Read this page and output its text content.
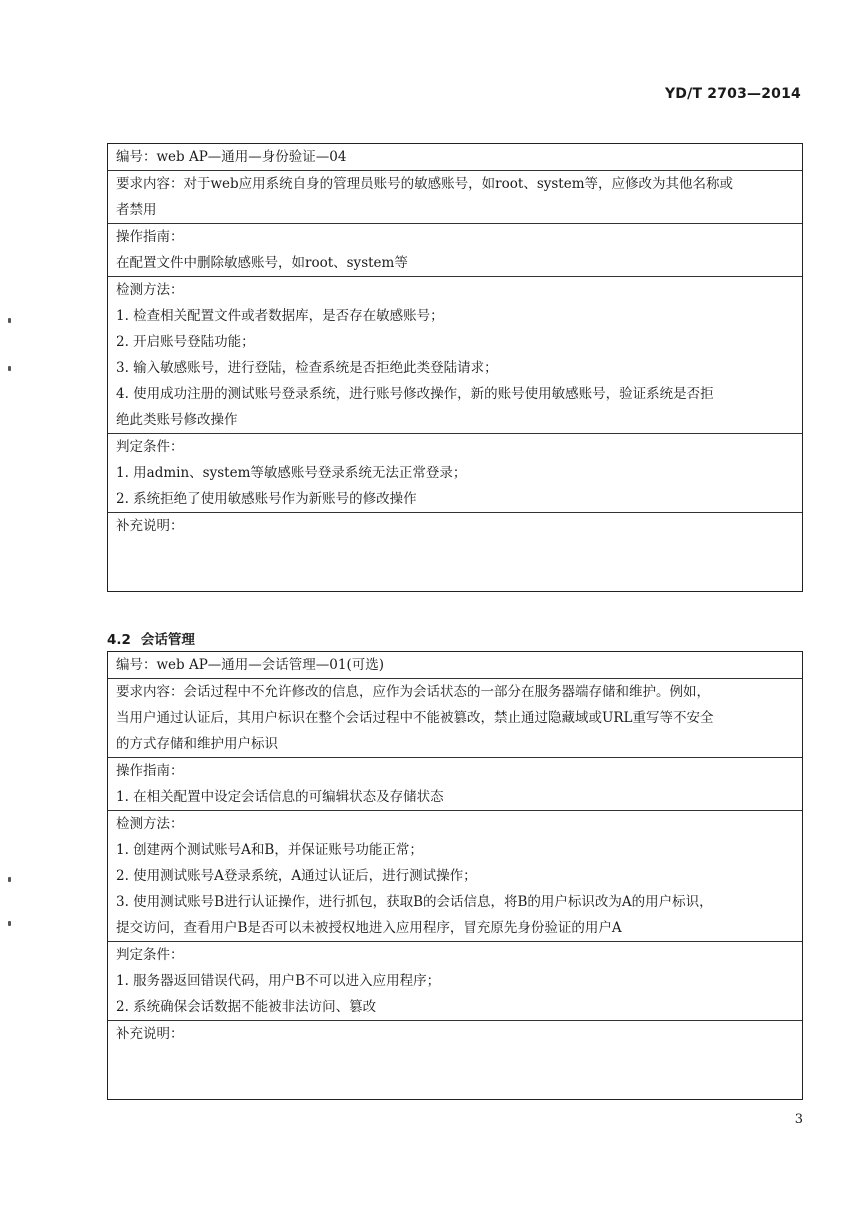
YD/T 2703—2014
编号：web AP—通用—身份验证—04
要求内容：对于web应用系统自身的管理员账号的敏感账号，如root、system等，应修改为其他名称或
者禁用
操作指南：
在配置文件中删除敏感账号，如root、system等
检测方法：
1. 检查相关配置文件或者数据库，是否存在敏感账号；
2. 开启账号登陆功能；
3. 输入敏感账号，进行登陆，检查系统是否拒绝此类登陆请求；
4. 使用成功注册的测试账号登录系统，进行账号修改操作，新的账号使用敏感账号，验证系统是否拒
绝此类账号修改操作
判定条件：
1. 用admin、system等敏感账号登录系统无法正常登录；
2. 系统拒绝了使用敏感账号作为新账号的修改操作
补充说明：
4.2 会话管理
编号：web AP—通用—会话管理—01(可选)
要求内容：会话过程中不允许修改的信息，应作为会话状态的一部分在服务器端存储和维护。例如，
当用户通过认证后，其用户标识在整个会话过程中不能被篡改，禁止通过隐藏域或URL重写等不安全
的方式存储和维护用户标识
操作指南：
1. 在相关配置中设定会话信息的可编辑状态及存储状态
检测方法：
1. 创建两个测试账号A和B，并保证账号功能正常；
2. 使用测试账号A登录系统，A通过认证后，进行测试操作；
3. 使用测试账号B进行认证操作，进行抓包，获取B的会话信息，将B的用户标识改为A的用户标识，
提交访问，查看用户B是否可以未被授权地进入应用程序，冒充原先身份验证的用户A
判定条件：
1. 服务器返回错误代码，用户B不可以进入应用程序；
2. 系统确保会话数据不能被非法访问、篡改
补充说明：
3
